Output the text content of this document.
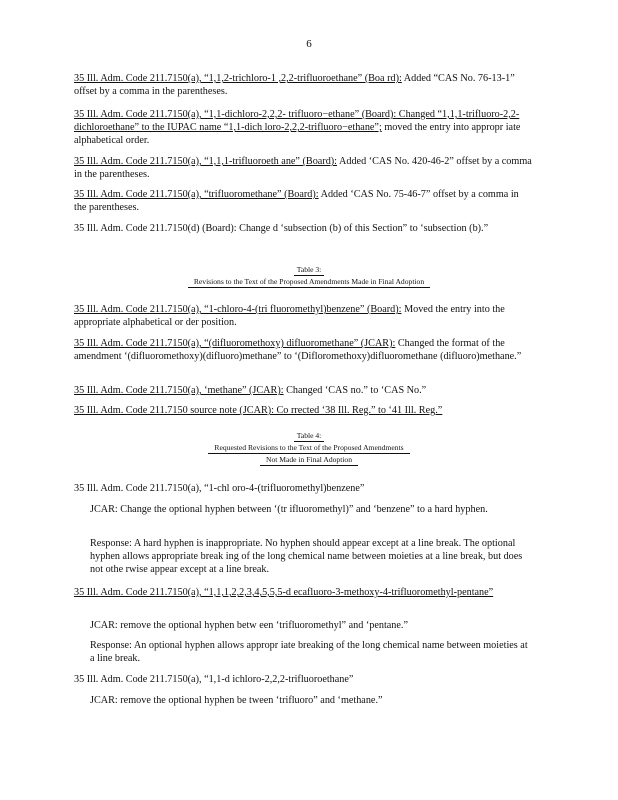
6
35 Ill. Adm. Code 211.7150(a), “1,1,2-trichloro-1 ,2,2-trifluoroethane” (Boa rd): Added “CAS No. 76-13-1” offset by a comma in the parentheses.
35 Ill. Adm. Code 211.7150(a), “1,1-dichloro-2,2,2- trifluoro−ethane” (Board): Changed “1,1,1-trifluoro-2,2-dichloroethane” to the IUPAC name “1,1-dich loro-2,2,2-trifluoro−ethane”; moved the entry into appropr iate alphabetical order.
35 Ill. Adm. Code 211.7150(a), “1,1,1-trifluoroeth ane” (Board): Added ‘CAS No. 420-46-2” offset by a comma in the parentheses.
35 Ill. Adm. Code 211.7150(a), “trifluoromethane” (Board): Added ‘CAS No. 75-46-7” offset by a comma in the parentheses.
35 Ill. Adm. Code 211.7150(d) (Board): Change d ‘subsection (b) of this Section” to ‘subsection (b).”
Table 3:
Revisions to the Text of the Proposed Amendments Made in Final Adoption
35 Ill. Adm. Code 211.7150(a), “1-chloro-4-(tri fluoromethyl)benzene” (Board): Moved the entry into the appropriate alphabetical or der position.
35 Ill. Adm. Code 211.7150(a), “(difluoromethoxy) difluoromethane” (JCAR): Changed the format of the amendment ‘(difluoromethoxy)(difluoro)methane” to ‘(Difloromethoxy)difluoromethane (difluoro)methane.”
35 Ill. Adm. Code 211.7150(a), ‘methane” (JCAR): Changed ‘CAS no.” to ‘CAS No.”
35 Ill. Adm. Code 211.7150 source note (JCAR): Co rrected ‘38 Ill. Reg.” to ‘41 Ill. Reg.”
Table 4:
Requested Revisions to the Text of the Proposed Amendments
Not Made in Final Adoption
35 Ill. Adm. Code 211.7150(a), “1-chl oro-4-(trifluoromethyl)benzene”
JCAR: Change the optional hyphen between ‘(tr ifluoromethyl)” and ‘benzene” to a hard hyphen.
Response: A hard hyphen is inappropriate. No hyphen should appear except at a line break. The optional hyphen allows appropriate break ing of the long chemical name between moieties at a line break, but does not othe rwise appear except at a line break.
35 Ill. Adm. Code 211.7150(a), “1,1,1,2,2,3,4,5,5,5-d ecafluoro-3-methoxy-4-trifluoromethyl-pentane”
JCAR: remove the optional hyphen betw een ‘trifluoromethyl” and ‘pentane.”
Response: An optional hyphen allows appropr iate breaking of the long chemical name between moieties at a line break.
35 Ill. Adm. Code 211.7150(a), “1,1-d ichloro-2,2,2-trifluoroethane”
JCAR: remove the optional hyphen be tween ‘trifluoro” and ‘methane.”
